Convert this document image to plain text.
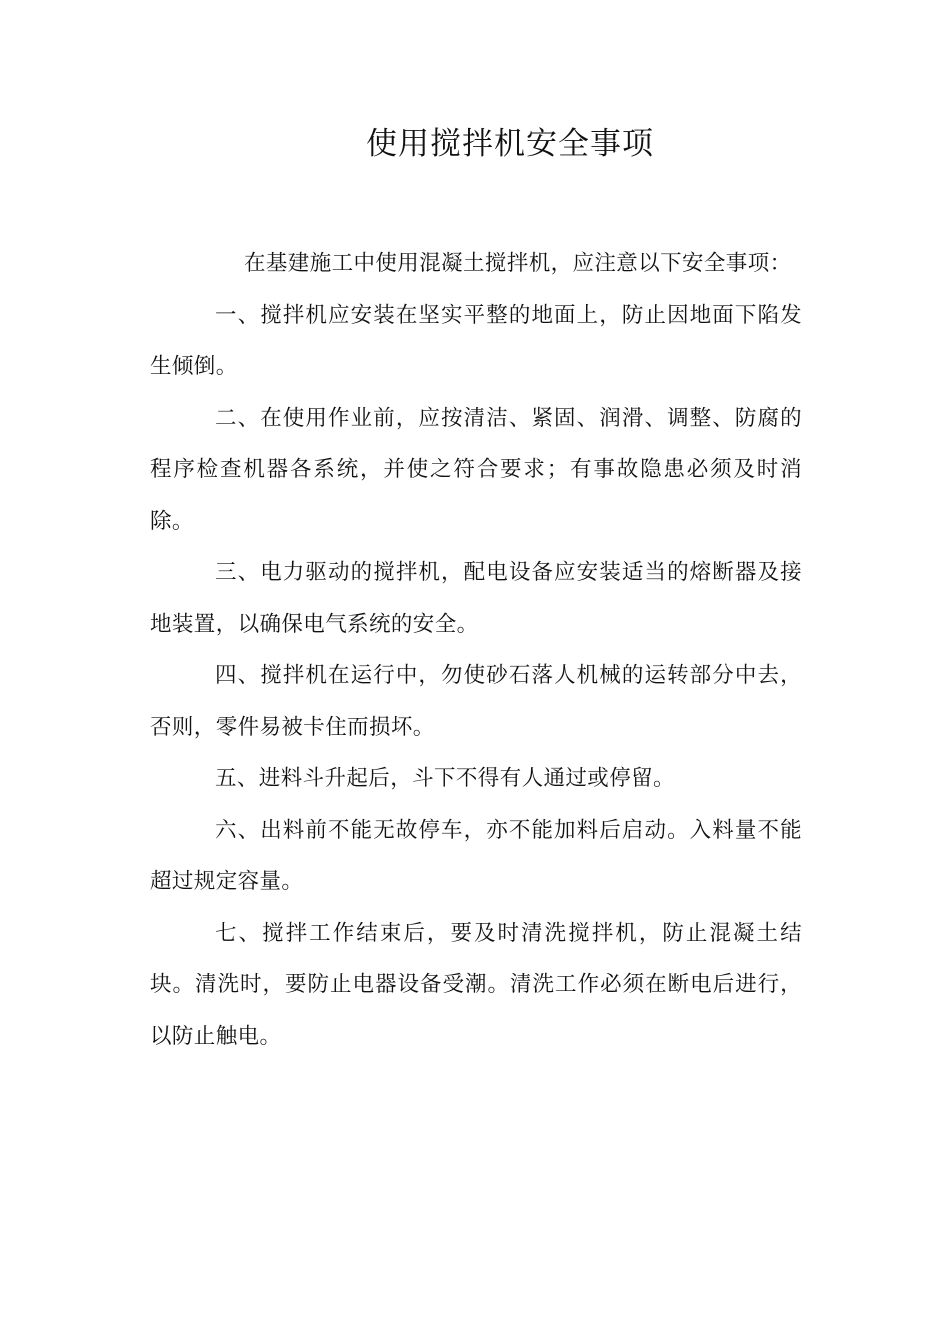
使用搅拌机安全事项

在基建施工中使用混凝土搅拌机，应注意以下安全事项：

一、搅拌机应安装在坚实平整的地面上，防止因地面下陷发生倾倒。

二、在使用作业前，应按清洁、紧固、润滑、调整、防腐的程序检查机器各系统，并使之符合要求；有事故隐患必须及时消除。

三、电力驱动的搅拌机，配电设备应安装适当的熔断器及接地装置，以确保电气系统的安全。

四、搅拌机在运行中，勿使砂石落人机械的运转部分中去，否则，零件易被卡住而损坏。

五、进料斗升起后，斗下不得有人通过或停留。

六、出料前不能无故停车，亦不能加料后启动。入料量不能超过规定容量。

七、搅拌工作结束后，要及时清洗搅拌机，防止混凝土结块。清洗时，要防止电器设备受潮。清洗工作必须在断电后进行，以防止触电。
